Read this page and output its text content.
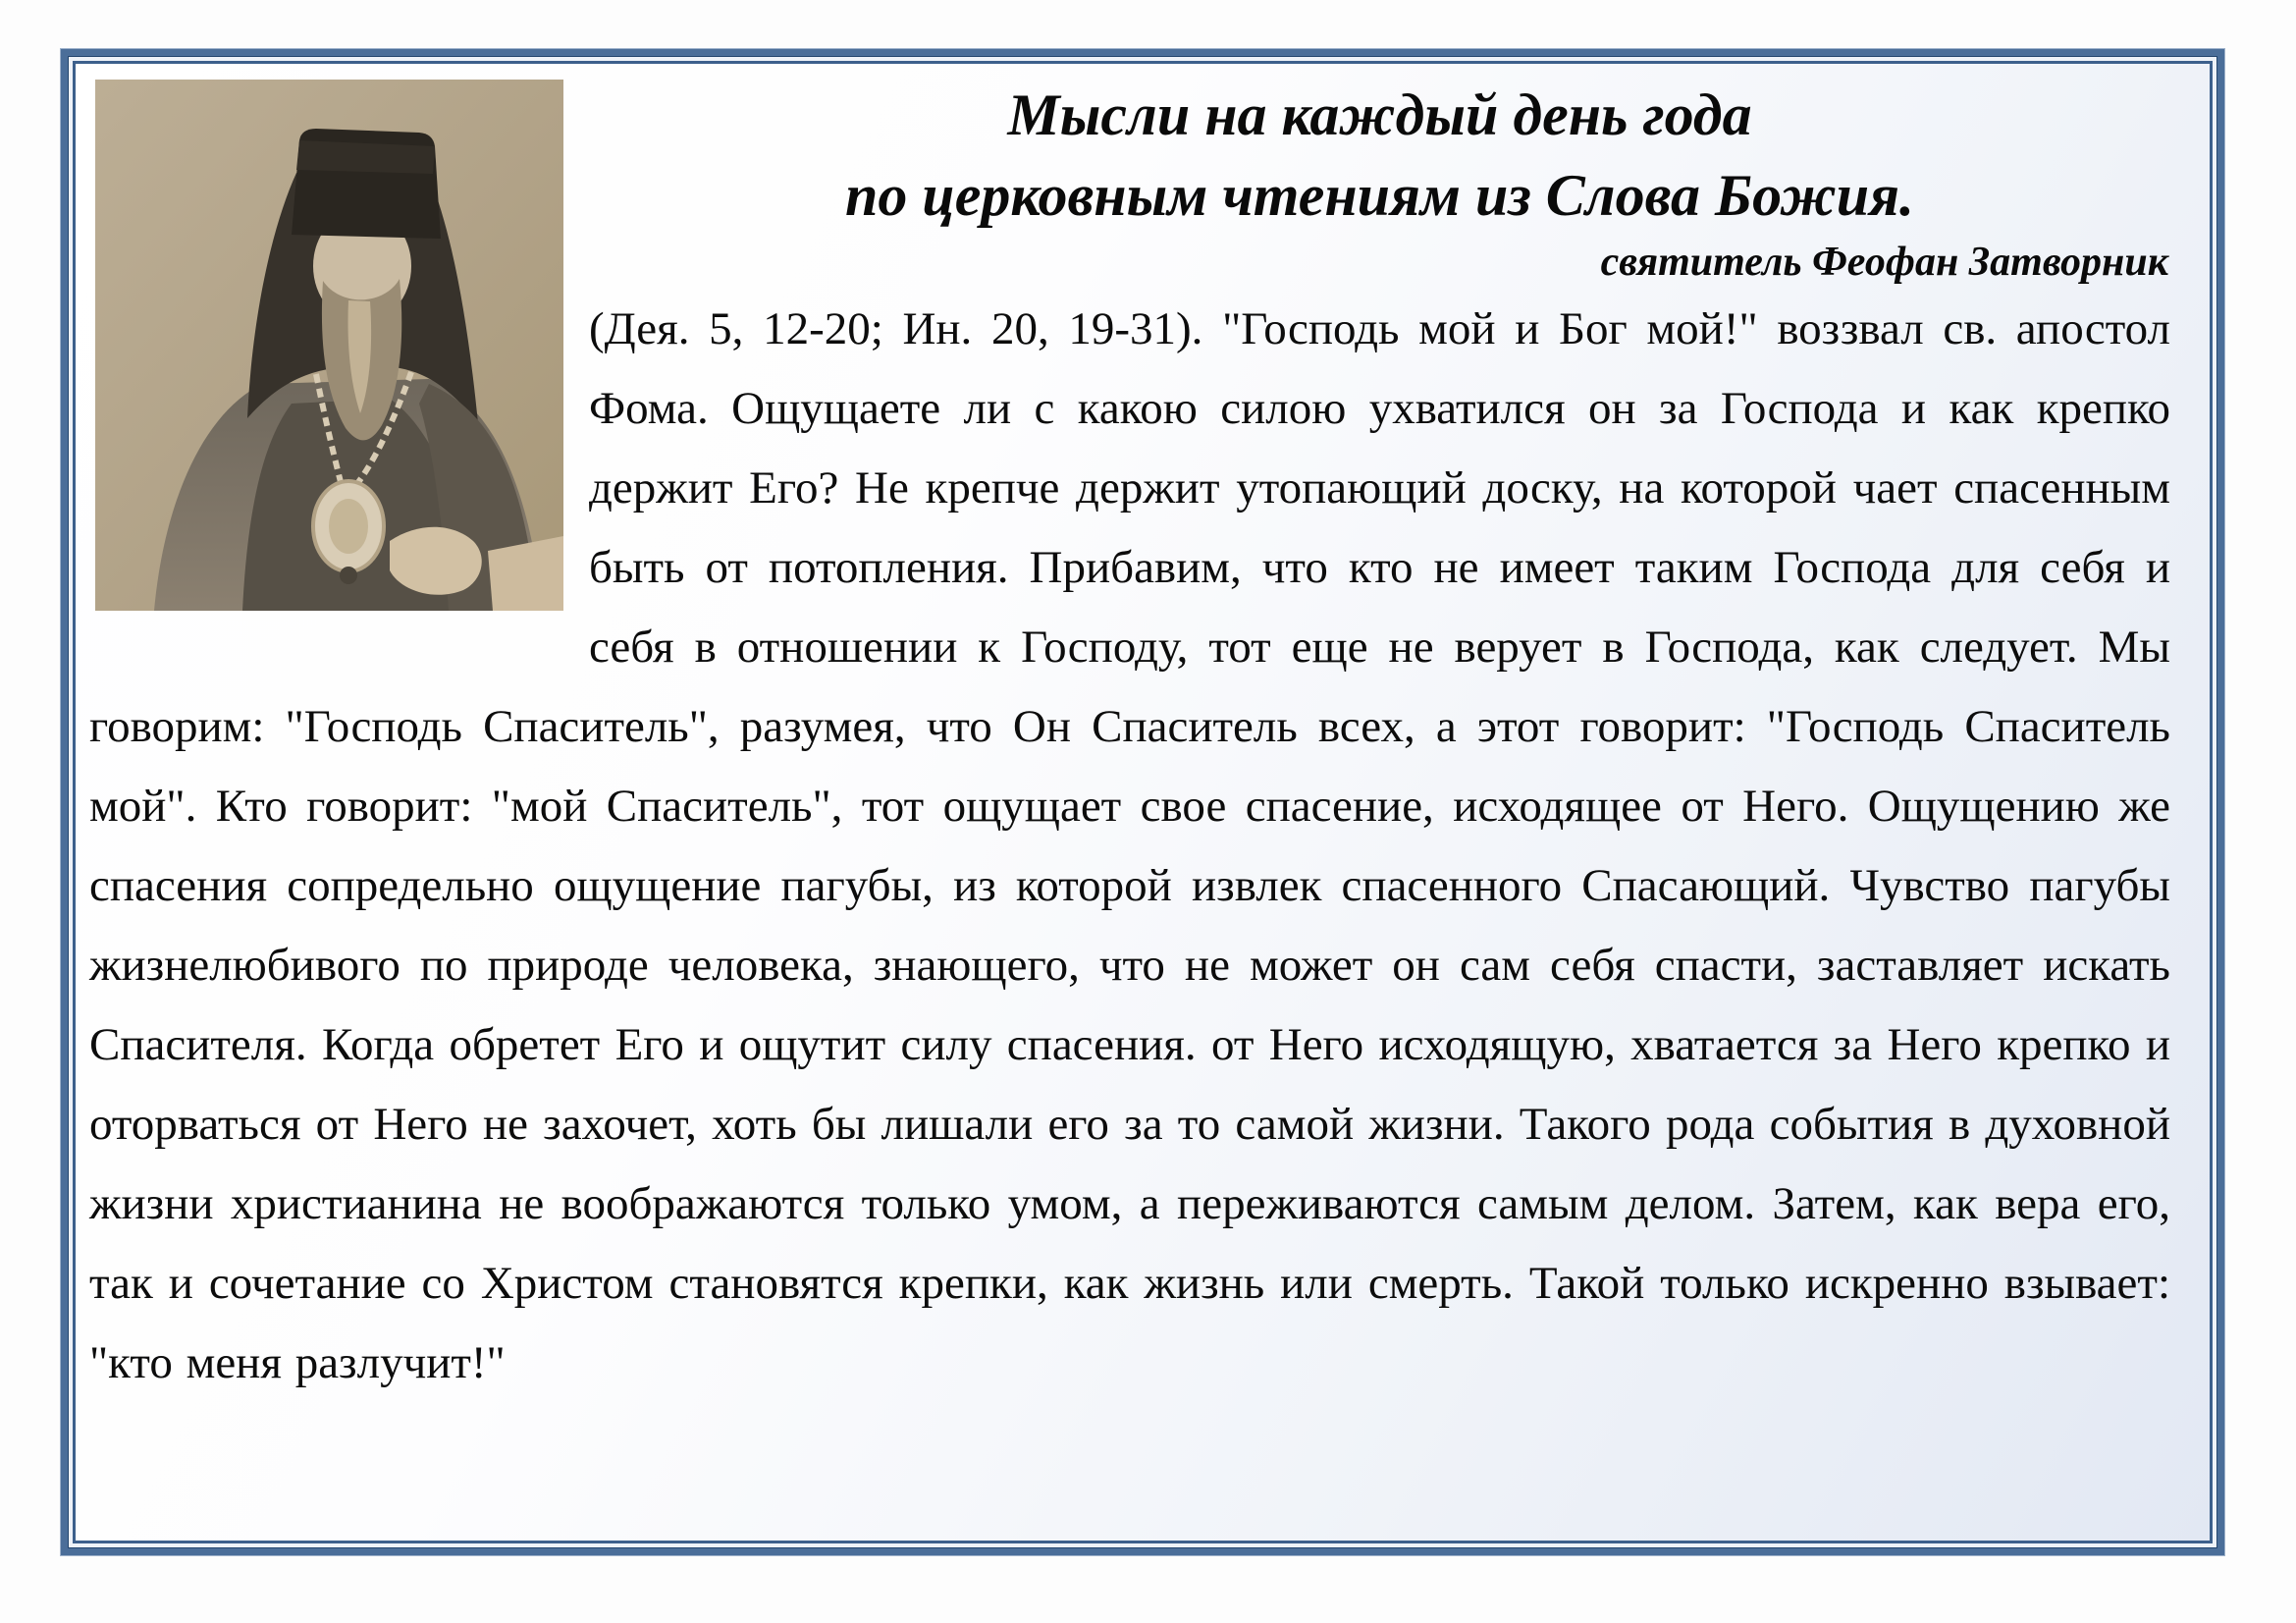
Мысли на каждый день года
по церковным чтениям из Слова Божия.

святитель Феофан Затворник

(Дея. 5, 12-20; Ин. 20, 19-31). "Господь мой и Бог мой!" воззвал св. апостол Фома. Ощущаете ли с какою силою ухватился он за Господа и как крепко держит Его? Не крепче держит утопающий доску, на которой чает спасенным быть от потопления. Прибавим, что кто не имеет таким Господа для себя и себя в отношении к Господу, тот еще не верует в Господа, как следует. Мы говорим: "Господь Спаситель", разумея, что Он Спаситель всех, а этот говорит: "Господь Спаситель мой". Кто говорит: "мой Спаситель", тот ощущает свое спасение, исходящее от Него. Ощущению же спасения сопредельно ощущение пагубы, из которой извлек спасенного Спасающий. Чувство пагубы жизнелюбивого по природе человека, знающего, что не может он сам себя спасти, заставляет искать Спасителя. Когда обретет Его и ощутит силу спасения. от Него исходящую, хватается за Него крепко и оторваться от Него не захочет, хоть бы лишали его за то самой жизни. Такого рода события в духовной жизни христианина не воображаются только умом, а переживаются самым делом. Затем, как вера его, так и сочетание со Христом становятся крепки, как жизнь или смерть. Такой только искренно взывает: "кто меня разлучит!"
